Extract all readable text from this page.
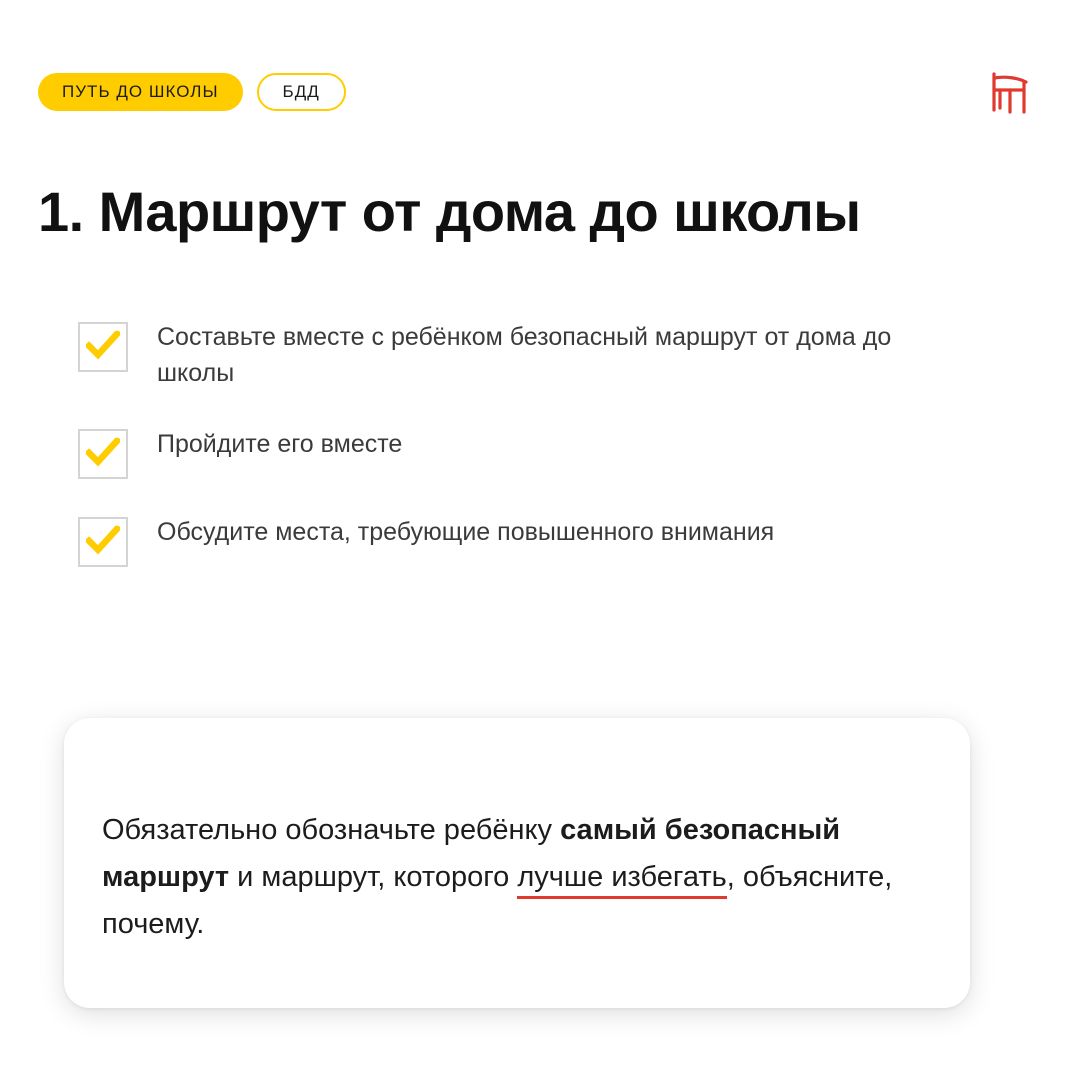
ПУТЬ ДО ШКОЛЫ	БДД
1. Маршрут от дома до школы
Составьте вместе с ребёнком безопасный маршрут от дома до школы
Пройдите его вместе
Обсудите места, требующие повышенного внимания

Обязательно обозначьте ребёнку самый безопасный маршрут и маршрут, которого лучше избегать, объясните, почему.
